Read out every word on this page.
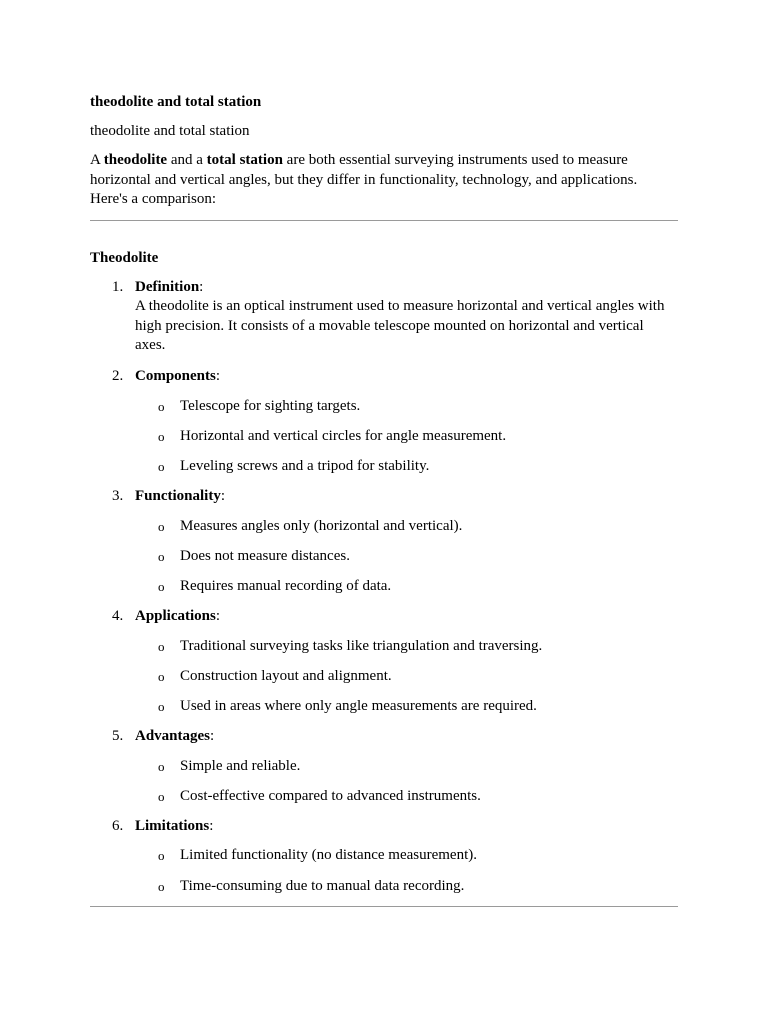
theodolite and total station

theodolite and total station

A theodolite and a total station are both essential surveying instruments used to measure horizontal and vertical angles, but they differ in functionality, technology, and applications. Here's a comparison:

Theodolite

1. Definition:
A theodolite is an optical instrument used to measure horizontal and vertical angles with high precision. It consists of a movable telescope mounted on horizontal and vertical axes.
2. Components:
o Telescope for sighting targets.
o Horizontal and vertical circles for angle measurement.
o Leveling screws and a tripod for stability.
3. Functionality:
o Measures angles only (horizontal and vertical).
o Does not measure distances.
o Requires manual recording of data.
4. Applications:
o Traditional surveying tasks like triangulation and traversing.
o Construction layout and alignment.
o Used in areas where only angle measurements are required.
5. Advantages:
o Simple and reliable.
o Cost-effective compared to advanced instruments.
6. Limitations:
o Limited functionality (no distance measurement).
o Time-consuming due to manual data recording.
